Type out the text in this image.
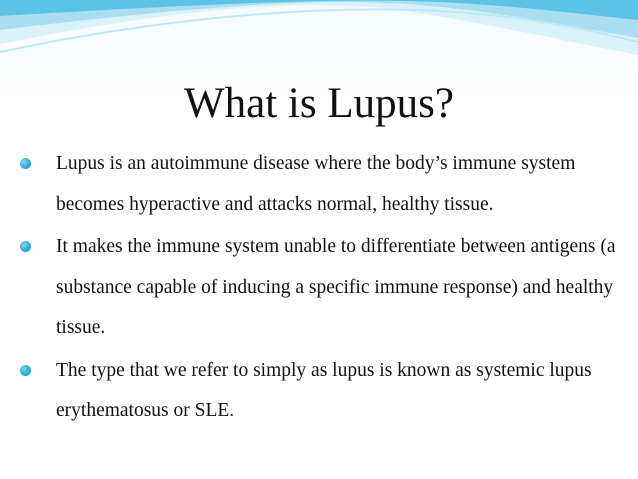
What is Lupus?
Lupus is an autoimmune disease where the body’s immune system becomes hyperactive and attacks normal, healthy tissue.
It makes the immune system unable to differentiate between antigens (a substance capable of inducing a specific immune response) and healthy tissue.
The type that we refer to simply as lupus is known as systemic lupus erythematosus or SLE.
